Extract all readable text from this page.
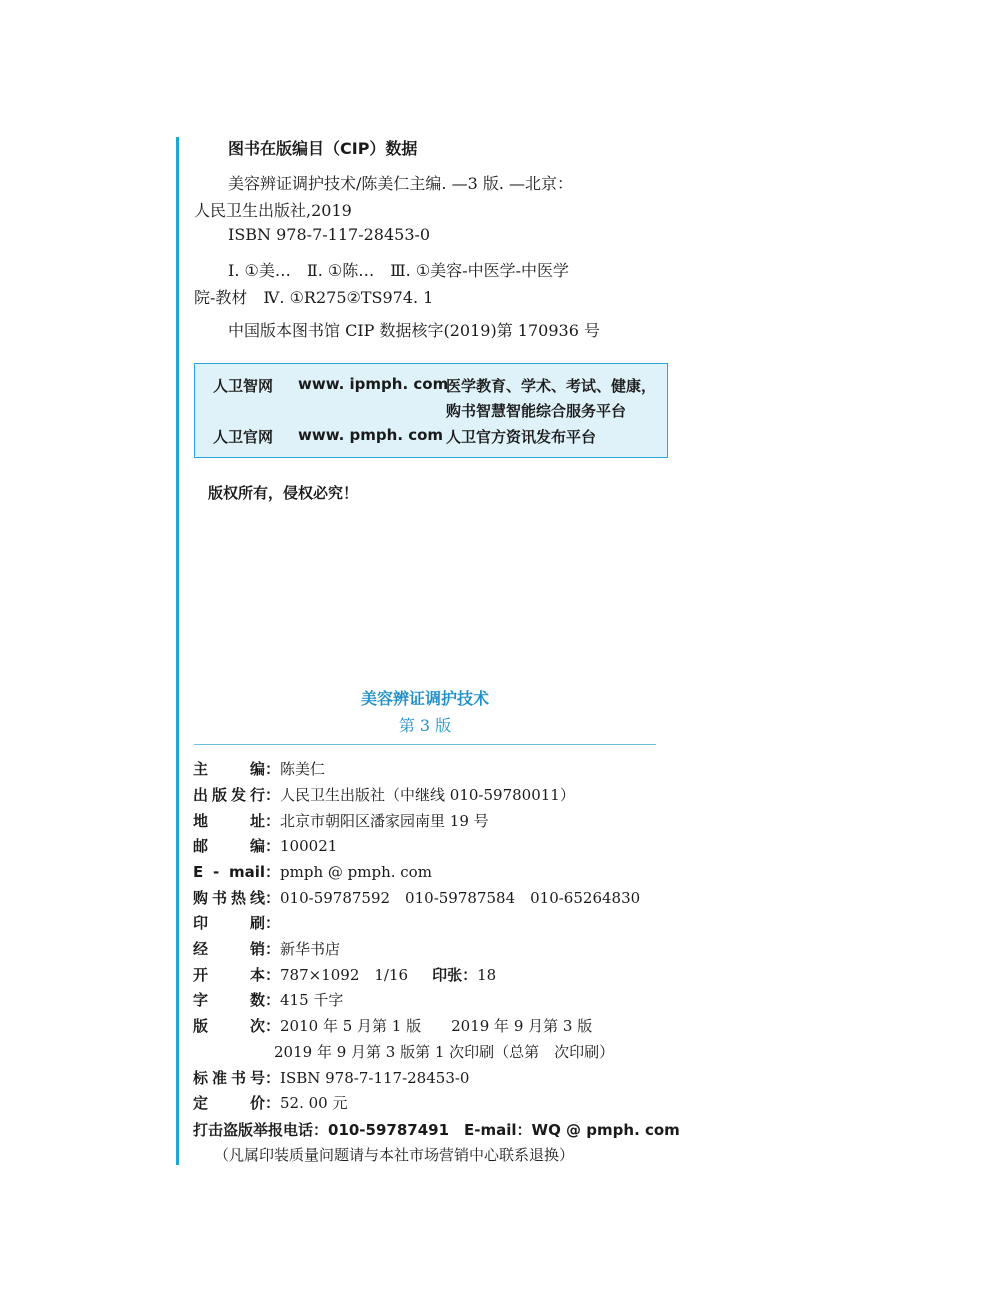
图书在版编目（CIP）数据
美容辨证调护技术/陈美仁主编. —3 版. —北京：
人民卫生出版社,2019
ISBN 978-7-117-28453-0
Ⅰ. ①美…　Ⅱ. ①陈…　Ⅲ. ①美容-中医学-中医学
院-教材　Ⅳ. ①R275②TS974. 1
中国版本图书馆 CIP 数据核字(2019)第 170936 号
人卫智网 www. ipmph. com
医学教育、学术、考试、健康，
购书智慧智能综合服务平台
人卫官网 www. pmph. com 人卫官方资讯发布平台
版权所有，侵权必究！
美容辨证调护技术
第 3 版
主编：陈美仁
出版发行：人民卫生出版社（中继线 010-59780011）
地址：北京市朝阳区潘家园南里 19 号
邮编：100021
E - mail：pmph @ pmph. com
购书热线：010-59787592　010-59787584　010-65264830
印刷：
经销：新华书店
开本：787×1092　1/16 印张：18
字数：415 千字
版次：2010 年 5 月第 1 版　　2019 年 9 月第 3 版
2019 年 9 月第 3 版第 1 次印刷（总第　次印刷）
标准书号：ISBN 978-7-117-28453-0
定价：52. 00 元
打击盗版举报电话：010-59787491　E-mail：WQ @ pmph. com
（凡属印装质量问题请与本社市场营销中心联系退换）
